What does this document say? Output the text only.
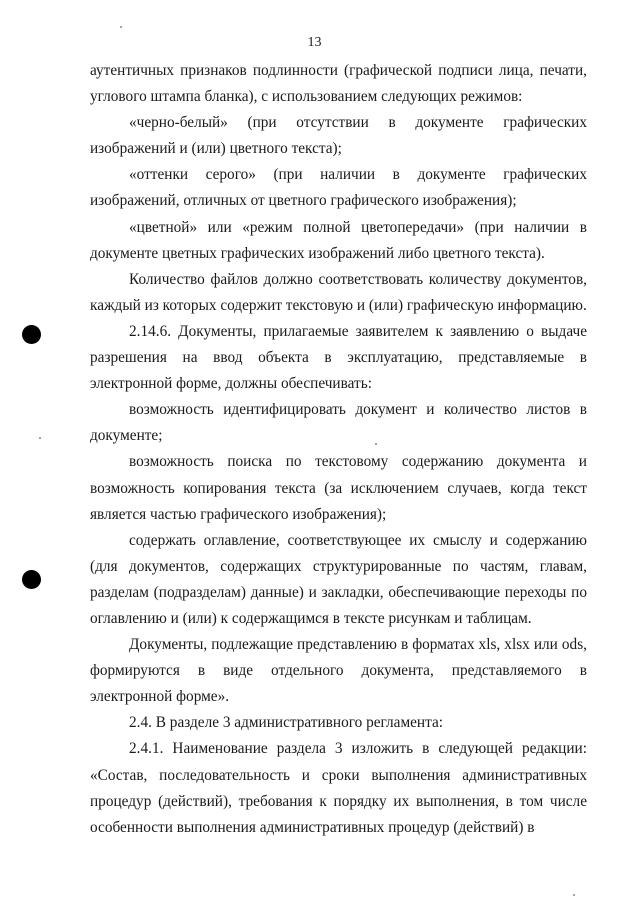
13

аутентичных признаков подлинности (графической подписи лица, печати, углового штампа бланка), с использованием следующих режимов:

«черно-белый» (при отсутствии в документе графических изображений и (или) цветного текста);

«оттенки серого» (при наличии в документе графических изображений, отличных от цветного графического изображения);

«цветной» или «режим полной цветопередачи» (при наличии в документе цветных графических изображений либо цветного текста).

Количество файлов должно соответствовать количеству документов, каждый из которых содержит текстовую и (или) графическую информацию.

2.14.6. Документы, прилагаемые заявителем к заявлению о выдаче разрешения на ввод объекта в эксплуатацию, представляемые в электронной форме, должны обеспечивать:

возможность идентифицировать документ и количество листов в документе;

возможность поиска по текстовому содержанию документа и возможность копирования текста (за исключением случаев, когда текст является частью графического изображения);

содержать оглавление, соответствующее их смыслу и содержанию (для документов, содержащих структурированные по частям, главам, разделам (подразделам) данные) и закладки, обеспечивающие переходы по оглавлению и (или) к содержащимся в тексте рисункам и таблицам.

Документы, подлежащие представлению в форматах xls, xlsx или ods, формируются в виде отдельного документа, представляемого в электронной форме».

2.4. В разделе 3 административного регламента:

2.4.1. Наименование раздела 3 изложить в следующей редакции: «Состав, последовательность и сроки выполнения административных процедур (действий), требования к порядку их выполнения, в том числе особенности выполнения административных процедур (действий) в
